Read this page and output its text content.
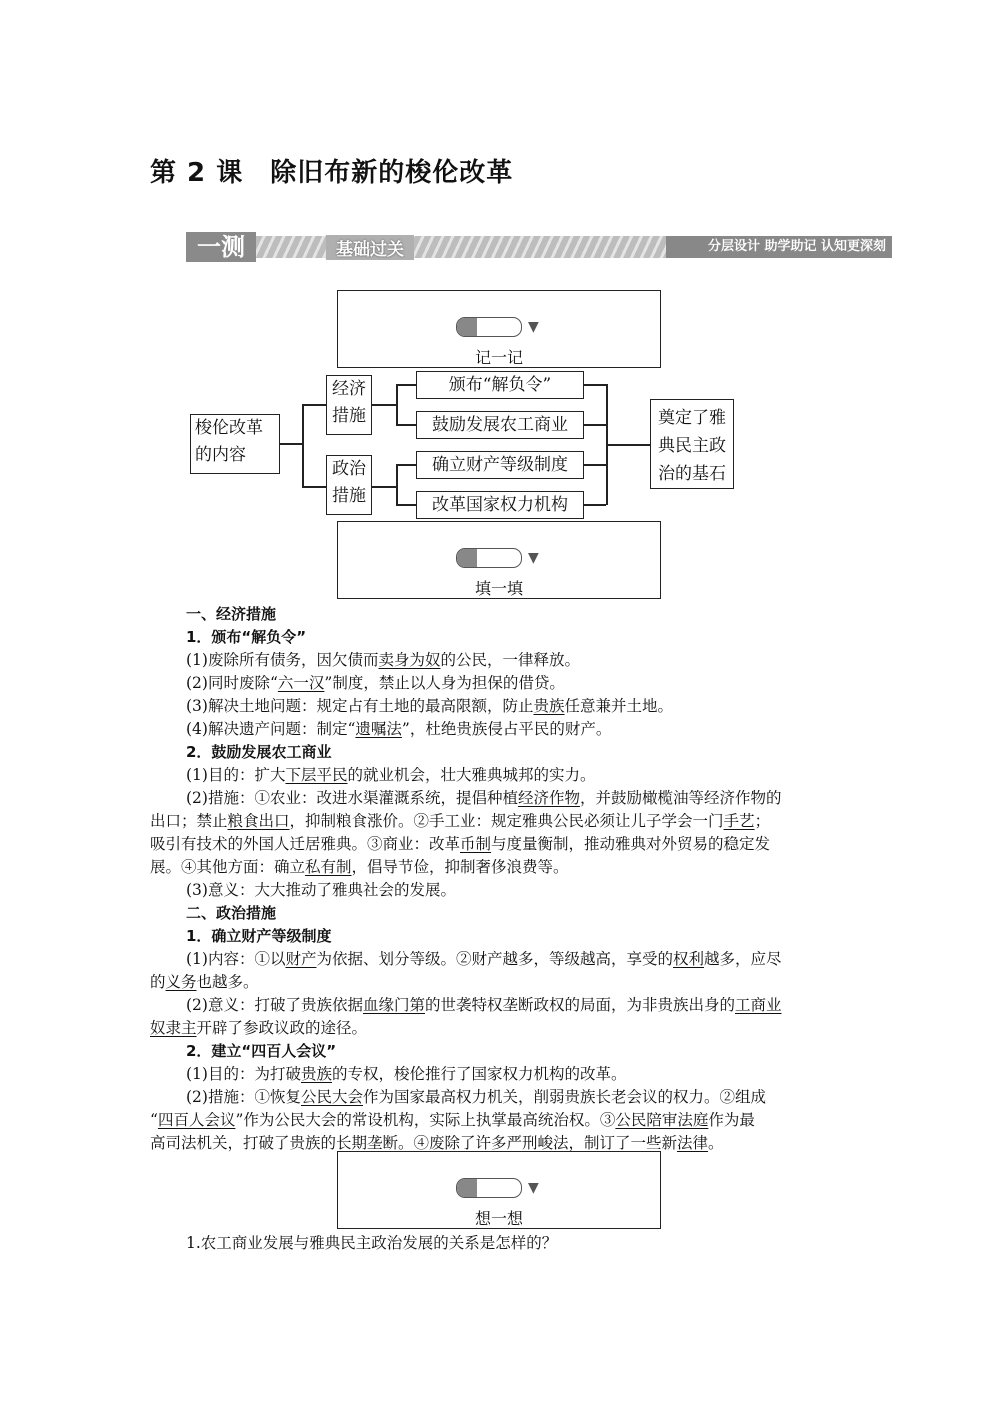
第 2 课　除旧布新的梭伦改革
一测	基础过关	分层设计 助学助记 认知更深刻
▼
记一记
梭伦改革的内容
经济措施
政治措施
颁布“解负令”
鼓励发展农工商业
确立财产等级制度
改革国家权力机构
奠定了雅典民主政治的基石
▼
填一填
一、经济措施
1．颁布“解负令”
(1)废除所有债务，因欠债而卖身为奴的公民，一律释放。
(2)同时废除“六一汉”制度，禁止以人身为担保的借贷。
(3)解决土地问题：规定占有土地的最高限额，防止贵族任意兼并土地。
(4)解决遗产问题：制定“遗嘱法”，杜绝贵族侵占平民的财产。
2．鼓励发展农工商业
(1)目的：扩大下层平民的就业机会，壮大雅典城邦的实力。
(2)措施：①农业：改进水渠灌溉系统，提倡种植经济作物，并鼓励橄榄油等经济作物的
出口；禁止粮食出口，抑制粮食涨价。②手工业：规定雅典公民必须让儿子学会一门手艺；
吸引有技术的外国人迁居雅典。③商业：改革币制与度量衡制，推动雅典对外贸易的稳定发
展。④其他方面：确立私有制，倡导节俭，抑制奢侈浪费等。
(3)意义：大大推动了雅典社会的发展。
二、政治措施
1．确立财产等级制度
(1)内容：①以财产为依据、划分等级。②财产越多，等级越高，享受的权利越多，应尽
的义务也越多。
(2)意义：打破了贵族依据血缘门第的世袭特权垄断政权的局面，为非贵族出身的工商业
奴隶主开辟了参政议政的途径。
2．建立“四百人会议”
(1)目的：为打破贵族的专权，梭伦推行了国家权力机构的改革。
(2)措施：①恢复公民大会作为国家最高权力机关，削弱贵族长老会议的权力。②组成
“四百人会议”作为公民大会的常设机构，实际上执掌最高统治权。③公民陪审法庭作为最
高司法机关，打破了贵族的长期垄断。④废除了许多严刑峻法，制订了一些新法律。
▼
想一想
1.农工商业发展与雅典民主政治发展的关系是怎样的？
